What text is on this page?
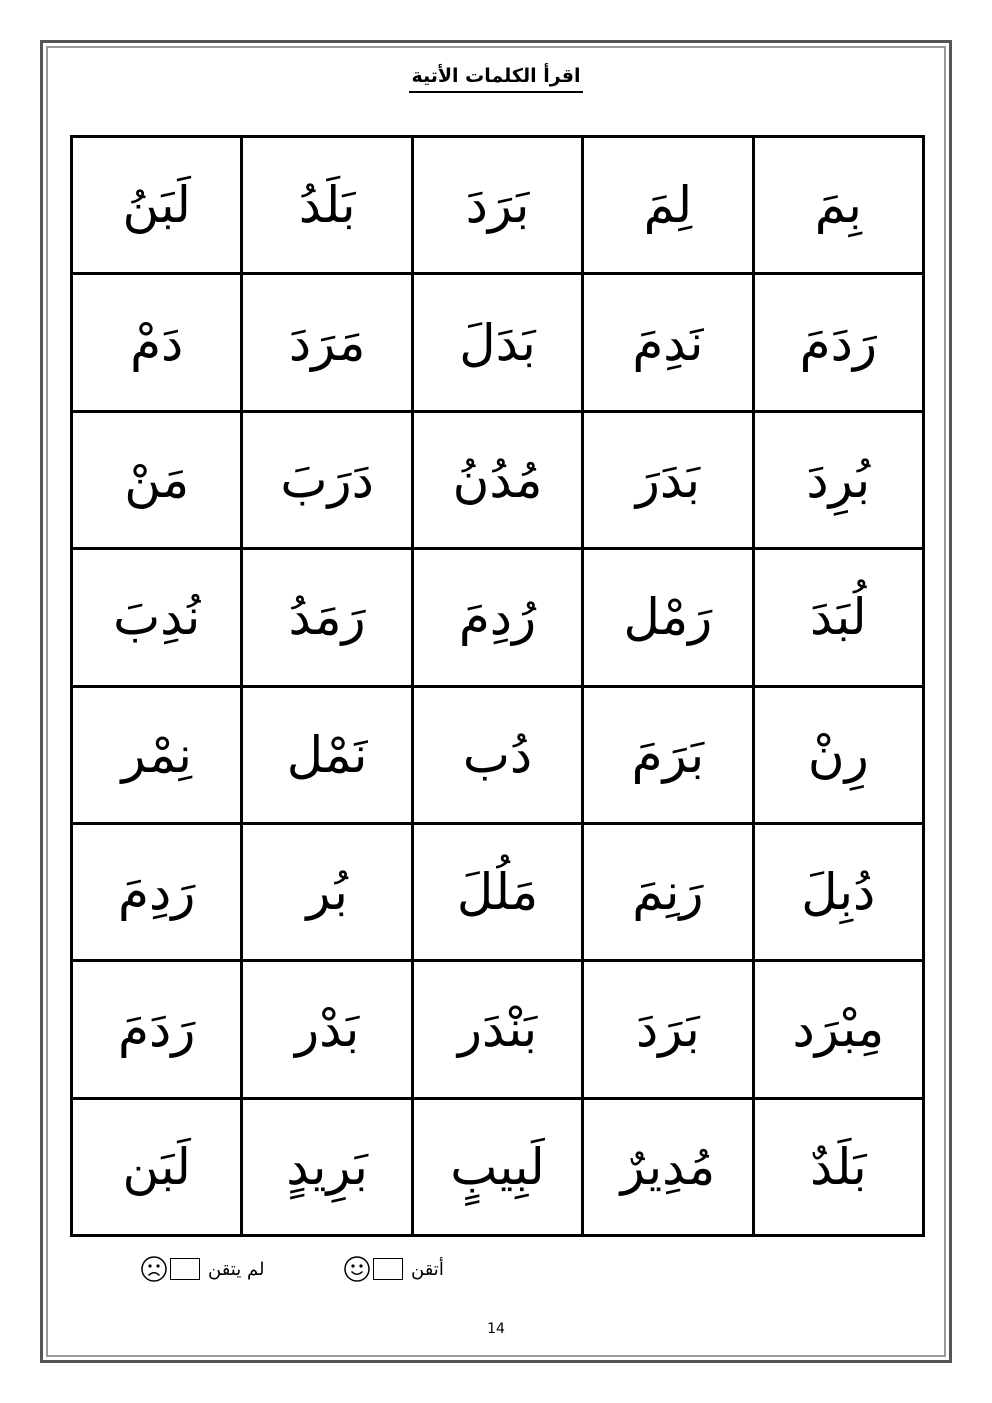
اقرأ الكلمات الأتية
بِمَ	لِمَ	بَرَدَ	بَلَدُ	لَبَنُ
رَدَمَ	نَدِمَ	بَدَلَ	مَرَدَ	دَمْ
بُرِدَ	بَدَرَ	مُدُنُ	دَرَبَ	مَنْ
لُبَدَ	رَمْل	رُدِمَ	رَمَدُ	نُدِبَ
رِنْ	بَرَمَ	دُب	نَمْل	نِمْر
دُبِلَ	رَنِمَ	مَلُلَ	بُر	رَدِمَ
مِبْرَد	بَرَدَ	بَنْدَر	بَدْر	رَدَمَ
بَلَدٌ	مُدِيرٌ	لَبِيبٍ	بَرِيدٍ	لَبَن
أتقن
لم يتقن
14
